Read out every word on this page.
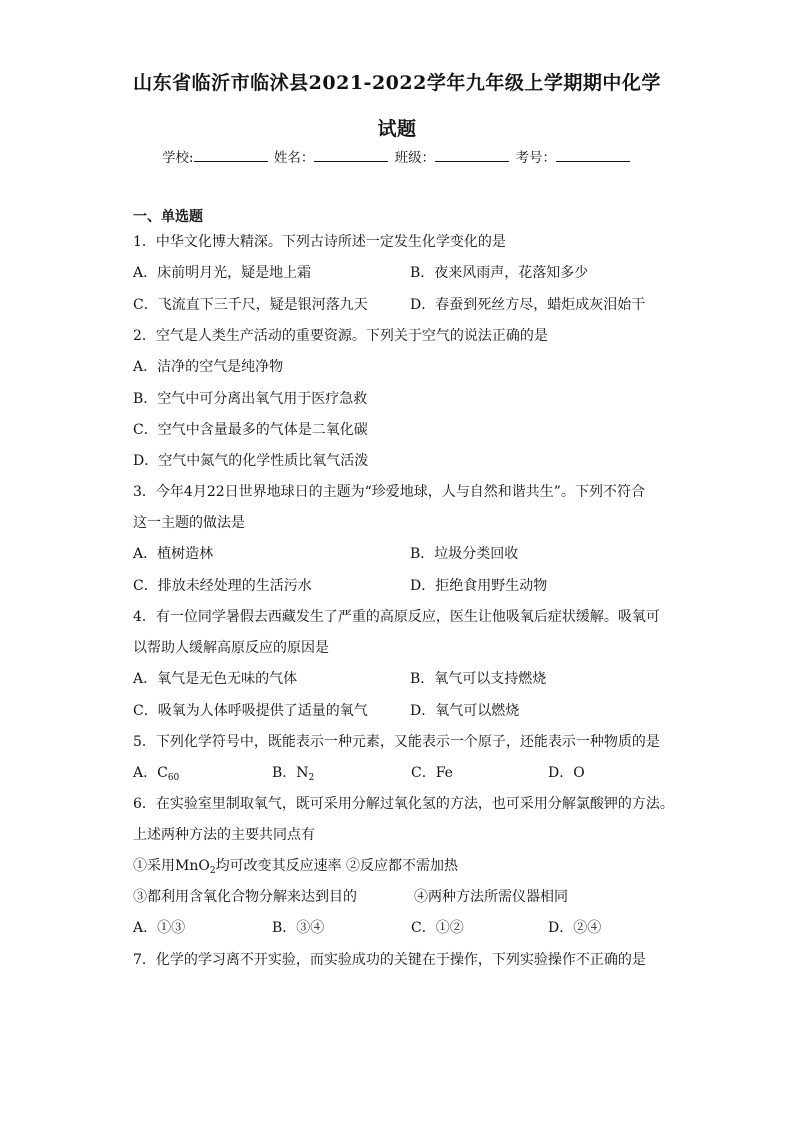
山东省临沂市临沭县2021-2022学年九年级上学期期中化学
试题
学校:	姓名：	班级：	考号：
一、单选题
1．中华文化博大精深。下列古诗所述一定发生化学变化的是
A．床前明月光，疑是地上霜	B．夜来风雨声，花落知多少
C．飞流直下三千尺，疑是银河落九天	D．春蚕到死丝方尽，蜡炬成灰泪始干
2．空气是人类生产活动的重要资源。下列关于空气的说法正确的是
A．洁净的空气是纯净物
B．空气中可分离出氧气用于医疗急救
C．空气中含量最多的气体是二氧化碳
D．空气中氮气的化学性质比氧气活泼
3．今年4月22日世界地球日的主题为“珍爱地球，人与自然和谐共生”。下列不符合
这一主题的做法是
A．植树造林	B．垃圾分类回收
C．排放未经处理的生活污水	D．拒绝食用野生动物
4．有一位同学暑假去西藏发生了严重的高原反应，医生让他吸氧后症状缓解。吸氧可
以帮助人缓解高原反应的原因是
A．氧气是无色无味的气体	B．氧气可以支持燃烧
C．吸氧为人体呼吸提供了适量的氧气	D．氧气可以燃烧
5．下列化学符号中，既能表示一种元素，又能表示一个原子，还能表示一种物质的是
A．$C_{60}$	B．$N_2$	C．Fe	D．O
6．在实验室里制取氧气，既可采用分解过氧化氢的方法，也可采用分解氯酸钾的方法。
上述两种方法的主要共同点有
①采用MnO$_2$均可改变其反应速率 ②反应都不需加热
③都利用含氧化合物分解来达到目的	④两种方法所需仪器相同
A．①③	B．③④	C．①②	D．②④
7．化学的学习离不开实验，而实验成功的关键在于操作，下列实验操作不正确的是
